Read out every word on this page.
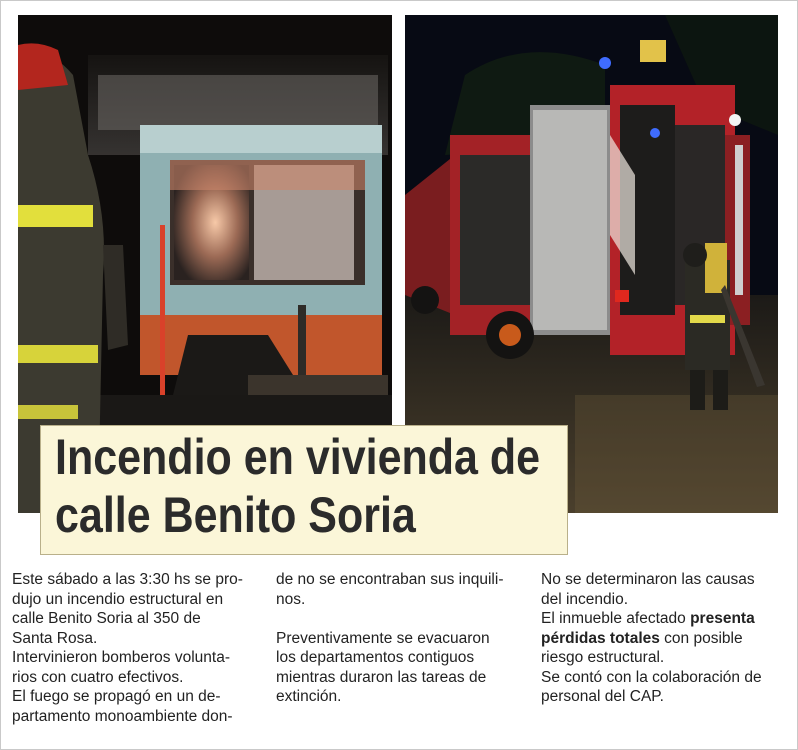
Incendio en vivienda de
calle Benito Soria

Este sábado a las 3:30 hs se pro-

dujo un incendio estructural en

calle Benito Soria al 350 de

Santa Rosa.

Intervinieron bomberos volunta-

rios con cuatro efectivos.

El fuego se propagó en un de-

partamento monoambiente don-

de no se encontraban sus inquili-

nos.

Preventivamente se evacuaron

los departamentos contiguos

mientras duraron las tareas de

extinción.

No se determinaron las causas

del incendio.

El inmueble afectado presenta

pérdidas totales con posible

riesgo estructural.

Se contó con la colaboración de

personal del CAP.
